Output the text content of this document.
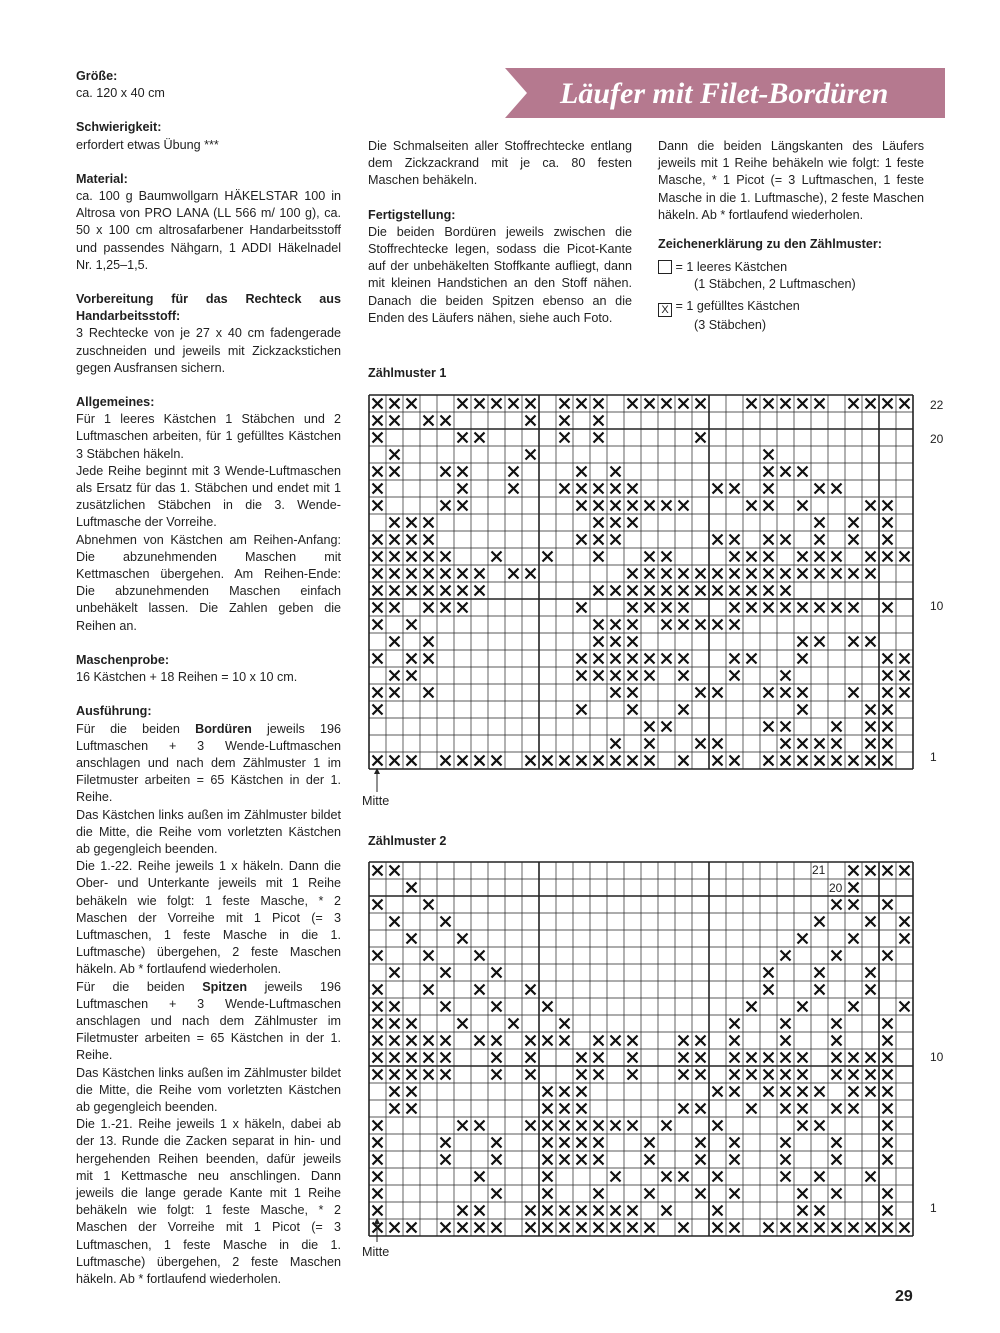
Läufer mit Filet-Bordüren

Größe:

ca. 120 x 40 cm

Schwierigkeit:

erfordert etwas Übung ***

Material:

ca. 100 g Baumwollgarn HÄKELSTAR 100 in Altrosa von PRO LANA (LL 566 m/ 100 g), ca. 50 x 100 cm altrosafarbener Handarbeitsstoff und passendes Nähgarn, 1 ADDI Häkelnadel Nr. 1,25–1,5.

Vorbereitung für das Rechteck aus Handarbeitsstoff:

3 Rechtecke von je 27 x 40 cm fadengerade zuschneiden und jeweils mit Zickzackstichen gegen Ausfransen sichern.

Allgemeines:

Für 1 leeres Kästchen 1 Stäbchen und 2 Luftmaschen arbeiten, für 1 gefülltes Kästchen 3 Stäbchen häkeln.

Jede Reihe beginnt mit 3 Wende-Luftmaschen als Ersatz für das 1. Stäbchen und endet mit 1 zusätzlichen Stäbchen in die 3. Wende-Luftmasche der Vorreihe.

Abnehmen von Kästchen am Reihen-Anfang: Die abzunehmenden Maschen mit Kettmaschen übergehen. Am Reihen-Ende: Die abzunehmenden Maschen einfach unbehäkelt lassen. Die Zahlen geben die Reihen an.

Maschenprobe:

16 Kästchen + 18 Reihen = 10 x 10 cm.

Ausführung:

Für die beiden Bordüren jeweils 196 Luftmaschen + 3 Wende-Luftmaschen anschlagen und nach dem Zählmuster 1 im Filetmuster arbeiten = 65 Kästchen in der 1. Reihe.

Das Kästchen links außen im Zählmuster bildet die Mitte, die Reihe vom vorletzten Kästchen ab gegengleich beenden.

Die 1.-22. Reihe jeweils 1 x häkeln. Dann die Ober- und Unterkante jeweils mit 1 Reihe behäkeln wie folgt: 1 feste Masche, * 2 Maschen der Vorreihe mit 1 Picot (= 3 Luftmaschen, 1 feste Masche in die 1. Luftmasche) übergehen, 2 feste Maschen häkeln. Ab * fortlaufend wiederholen.

Für die beiden Spitzen jeweils 196 Luftmaschen + 3 Wende-Luftmaschen anschlagen und nach dem Zählmuster im Filetmuster arbeiten = 65 Kästchen in der 1. Reihe.

Das Kästchen links außen im Zählmuster bildet die Mitte, die Reihe vom vorletzten Kästchen ab gegengleich beenden.

Die 1.-21. Reihe jeweils 1 x häkeln, dabei ab der 13. Runde die Zacken separat in hin- und hergehenden Reihen beenden, dafür jeweils mit 1 Kettmasche neu anschlingen. Dann jeweils die lange gerade Kante mit 1 Reihe behäkeln wie folgt: 1 feste Masche, * 2 Maschen der Vorreihe mit 1 Picot (= 3 Luftmaschen, 1 feste Masche in die 1. Luftmasche) übergehen, 2 feste Maschen häkeln. Ab * fortlaufend wiederholen.

Die Schmalseiten aller Stoffrechtecke entlang dem Zickzackrand mit je ca. 80 festen Maschen behäkeln.

Fertigstellung:

Die beiden Bordüren jeweils zwischen die Stoffrechtecke legen, sodass die Picot-Kante auf der unbehäkelten Stoffkante aufliegt, dann mit kleinen Handstichen an den Stoff nähen. Danach die beiden Spitzen ebenso an die Enden des Läufers nähen, siehe auch Foto.

Dann die beiden Längskanten des Läufers jeweils mit 1 Reihe behäkeln wie folgt: 1 feste Masche, * 1 Picot (= 3 Luftmaschen, 1 feste Masche in die 1. Luftmasche), 2 feste Maschen häkeln. Ab * fortlaufend wiederholen.

Zeichenerklärung zu den Zählmuster:

= 1 leeres Kästchen
(1 Stäbchen, 2 Luftmaschen)
X = 1 gefülltes Kästchen
(3 Stäbchen)
Zählmuster 1
22
20
10
1
Mitte
Zählmuster 2
21
20
10
1
Mitte
29
